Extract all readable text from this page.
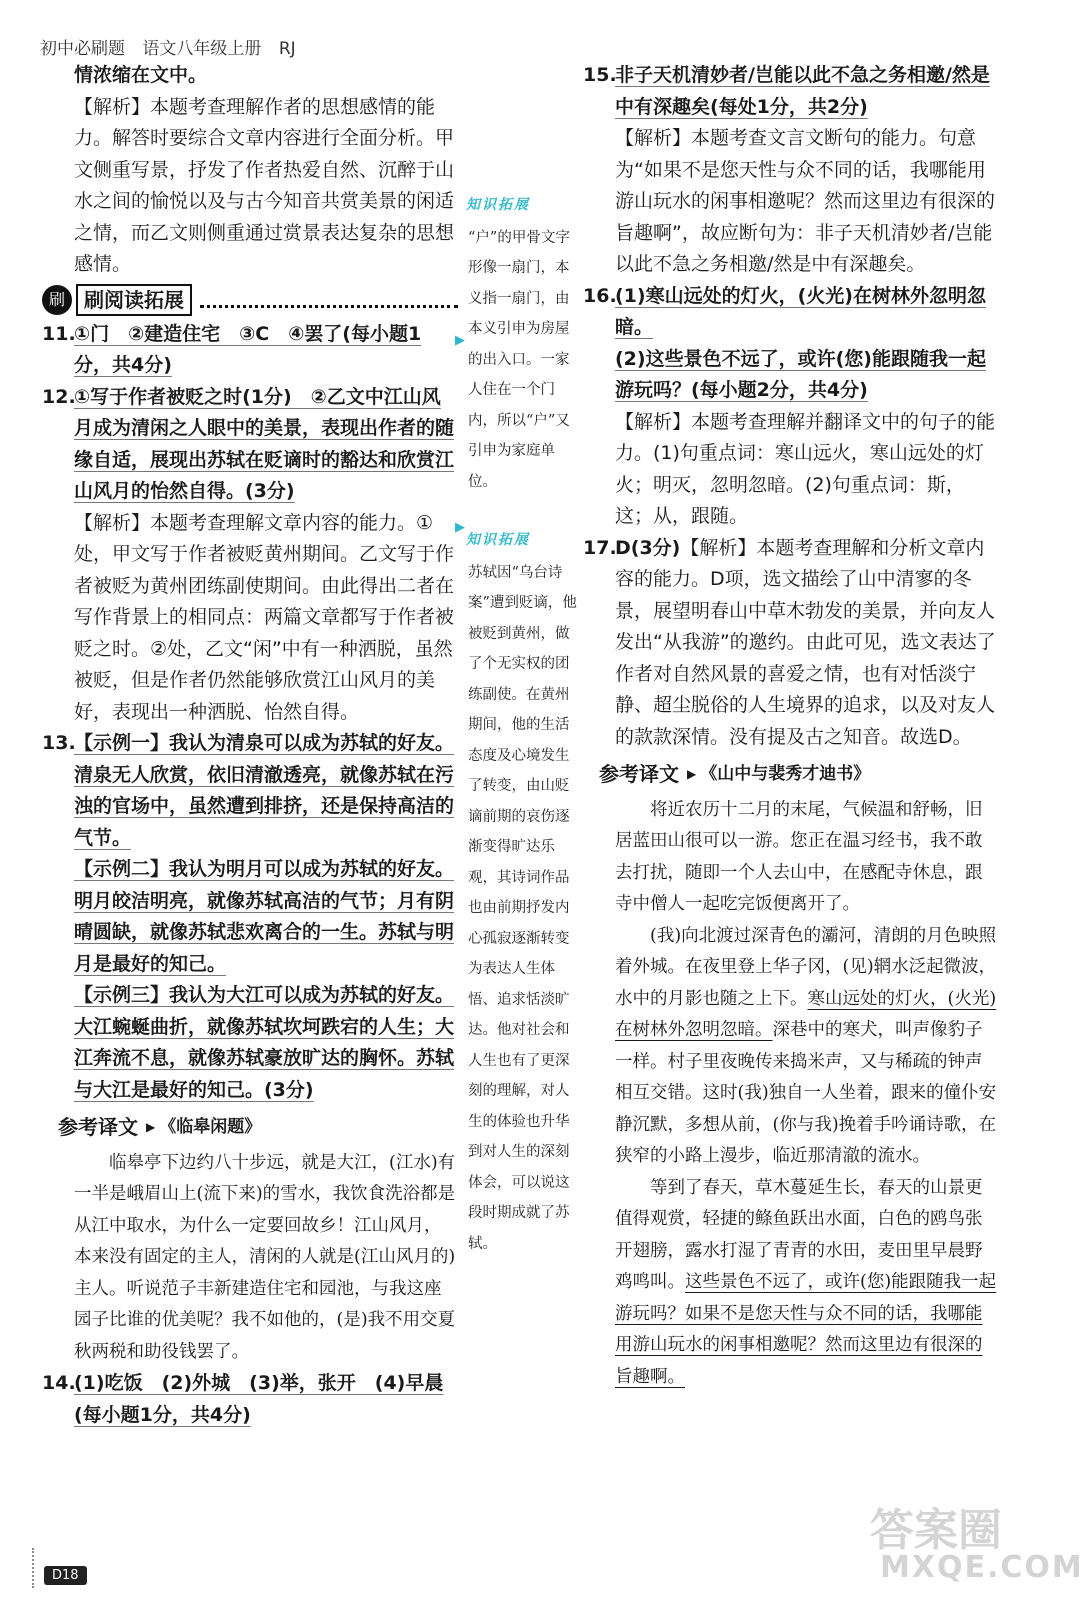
初中必刷题 语文八年级上册 RJ

情浓缩在文中。

【解析】本题考查理解作者的思想感情的能力。解答时要综合文章内容进行全面分析。甲文侧重写景，抒发了作者热爱自然、沉醉于山水之间的愉悦以及与古今知音共赏美景的闲适之情，而乙文则侧重通过赏景表达复杂的思想感情。

刷 刷阅读拓展

11.①门　②建造住宅　③C　④罢了(每小题1分，共4分)

12.①写于作者被贬之时(1分)　②乙文中江山风月成为清闲之人眼中的美景，表现出作者的随缘自适，展现出苏轼在贬谪时的豁达和欣赏江山风月的怡然自得。(3分)

【解析】本题考查理解文章内容的能力。①处，甲文写于作者被贬黄州期间。乙文写于作者被贬为黄州团练副使期间。由此得出二者在写作背景上的相同点：两篇文章都写于作者被贬之时。②处，乙文“闲”中有一种洒脱，虽然被贬，但是作者仍然能够欣赏江山风月的美好，表现出一种洒脱、怡然自得。

13.【示例一】我认为清泉可以成为苏轼的好友。清泉无人欣赏，依旧清澈透亮，就像苏轼在污浊的官场中，虽然遭到排挤，还是保持高洁的气节。

【示例二】我认为明月可以成为苏轼的好友。明月皎洁明亮，就像苏轼高洁的气节；月有阴晴圆缺，就像苏轼悲欢离合的一生。苏轼与明月是最好的知己。

【示例三】我认为大江可以成为苏轼的好友。大江蜿蜒曲折，就像苏轼坎坷跌宕的人生；大江奔流不息，就像苏轼豪放旷达的胸怀。苏轼与大江是最好的知己。(3分)

参考译文 ▶ 《临皋闲题》

临皋亭下边约八十步远，就是大江，(江水)有一半是峨眉山上(流下来)的雪水，我饮食洗浴都是从江中取水，为什么一定要回故乡！江山风月，本来没有固定的主人，清闲的人就是(江山风月的)主人。听说范子丰新建造住宅和园池，与我这座园子比谁的优美呢？我不如他的，(是)我不用交夏秋两税和助役钱罢了。

14.(1)吃饭　(2)外城　(3)举，张开　(4)早晨(每小题1分，共4分)

▶
▶
知识拓展

“户”的甲骨文字形像一扇门，本义指一扇门，由本义引申为房屋的出入口。一家人住在一个门内，所以“户”又引申为家庭单位。

知识拓展

苏轼因“乌台诗案”遭到贬谪，他被贬到黄州，做了个无实权的团练副使。在黄州期间，他的生活态度及心境发生了转变，由山贬谪前期的哀伤逐渐变得旷达乐观，其诗词作品也由前期抒发内心孤寂逐渐转变为表达人生体悟、追求恬淡旷达。他对社会和人生也有了更深刻的理解，对人生的体验也升华到对人生的深刻体会，可以说这段时期成就了苏轼。

15.非子天机清妙者/岂能以此不急之务相邀/然是中有深趣矣(每处1分，共2分)

【解析】本题考查文言文断句的能力。句意为“如果不是您天性与众不同的话，我哪能用游山玩水的闲事相邀呢？然而这里边有很深的旨趣啊”，故应断句为：非子天机清妙者/岂能以此不急之务相邀/然是中有深趣矣。

16.(1)寒山远处的灯火，(火光)在树林外忽明忽暗。

(2)这些景色不远了，或许(您)能跟随我一起游玩吗？(每小题2分，共4分)

【解析】本题考查理解并翻译文中的句子的能力。(1)句重点词：寒山远火，寒山远处的灯火；明灭，忽明忽暗。(2)句重点词：斯，这；从，跟随。

17.D(3分)【解析】本题考查理解和分析文章内容的能力。D项，选文描绘了山中清寥的冬景，展望明春山中草木勃发的美景，并向友人发出“从我游”的邀约。由此可见，选文表达了作者对自然风景的喜爱之情，也有对恬淡宁静、超尘脱俗的人生境界的追求，以及对友人的款款深情。没有提及古之知音。故选D。

参考译文 ▶ 《山中与裴秀才迪书》

将近农历十二月的末尾，气候温和舒畅，旧居蓝田山很可以一游。您正在温习经书，我不敢去打扰，随即一个人去山中，在感配寺休息，跟寺中僧人一起吃完饭便离开了。

(我)向北渡过深青色的灞河，清朗的月色映照着外城。在夜里登上华子冈，(见)辋水泛起微波，水中的月影也随之上下。寒山远处的灯火，(火光)在树林外忽明忽暗。深巷中的寒犬，叫声像豹子一样。村子里夜晚传来捣米声，又与稀疏的钟声相互交错。这时(我)独自一人坐着，跟来的僮仆安静沉默，多想从前，(你与我)挽着手吟诵诗歌，在狭窄的小路上漫步，临近那清澈的流水。

等到了春天，草木蔓延生长，春天的山景更值得观赏，轻捷的鲦鱼跃出水面，白色的鸥鸟张开翅膀，露水打湿了青青的水田，麦田里早晨野鸡鸣叫。这些景色不远了，或许(您)能跟随我一起游玩吗？如果不是您天性与众不同的话，我哪能用游山玩水的闲事相邀呢？然而这里边有很深的旨趣啊。

D18
答案圈
MXQE.COM
